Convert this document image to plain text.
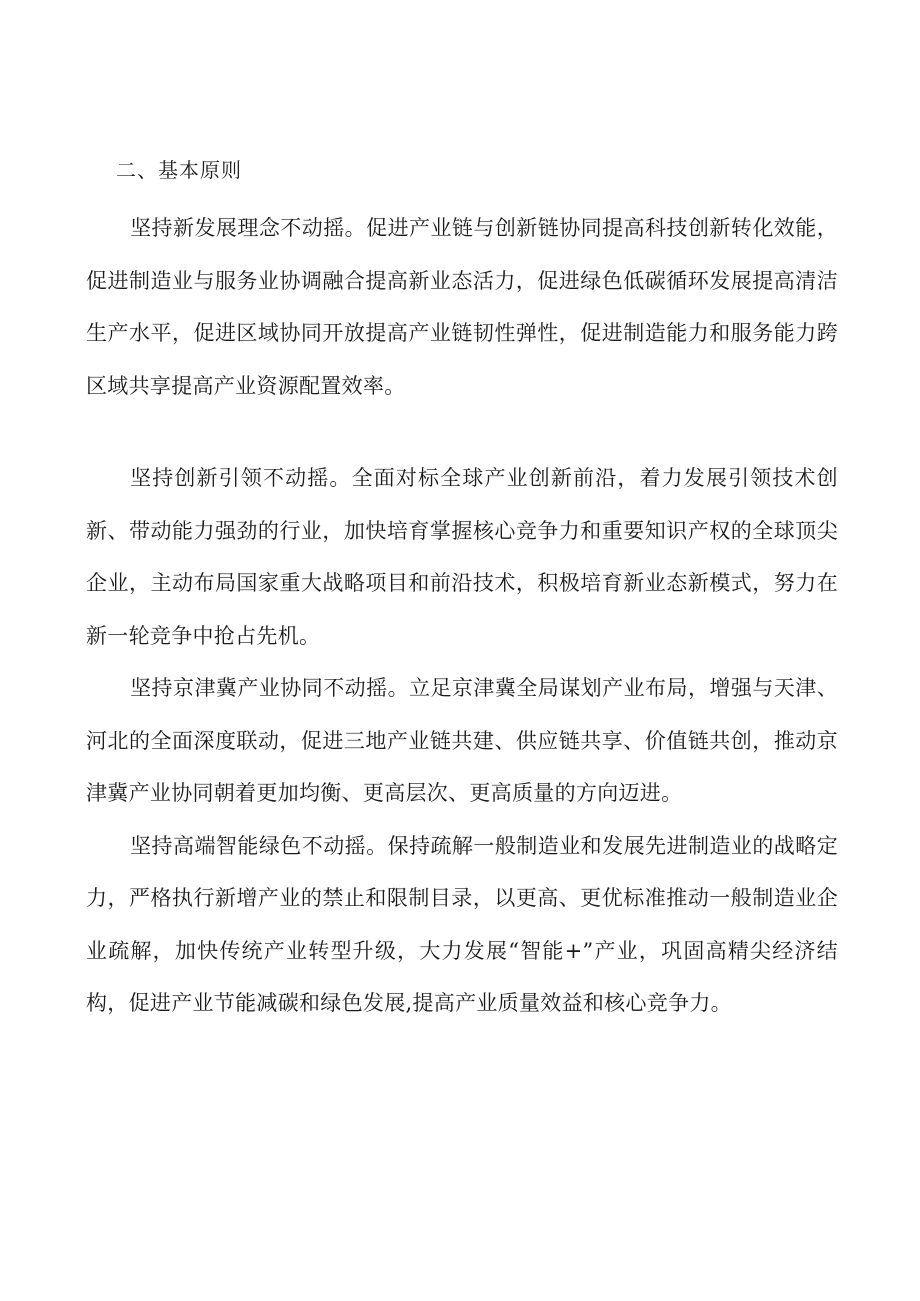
二、基本原则

坚持新发展理念不动摇。促进产业链与创新链协同提高科技创新转化效能，促进制造业与服务业协调融合提高新业态活力，促进绿色低碳循环发展提高清洁生产水平，促进区域协同开放提高产业链韧性弹性，促进制造能力和服务能力跨区域共享提高产业资源配置效率。

坚持创新引领不动摇。全面对标全球产业创新前沿，着力发展引领技术创新、带动能力强劲的行业，加快培育掌握核心竞争力和重要知识产权的全球顶尖企业，主动布局国家重大战略项目和前沿技术，积极培育新业态新模式，努力在新一轮竞争中抢占先机。

坚持京津冀产业协同不动摇。立足京津冀全局谋划产业布局，增强与天津、河北的全面深度联动，促进三地产业链共建、供应链共享、价值链共创，推动京津冀产业协同朝着更加均衡、更高层次、更高质量的方向迈进。

坚持高端智能绿色不动摇。保持疏解一般制造业和发展先进制造业的战略定力，严格执行新增产业的禁止和限制目录，以更高、更优标准推动一般制造业企业疏解，加快传统产业转型升级，大力发展“智能+”产业，巩固高精尖经济结构，促进产业节能减碳和绿色发展,提高产业质量效益和核心竞争力。
